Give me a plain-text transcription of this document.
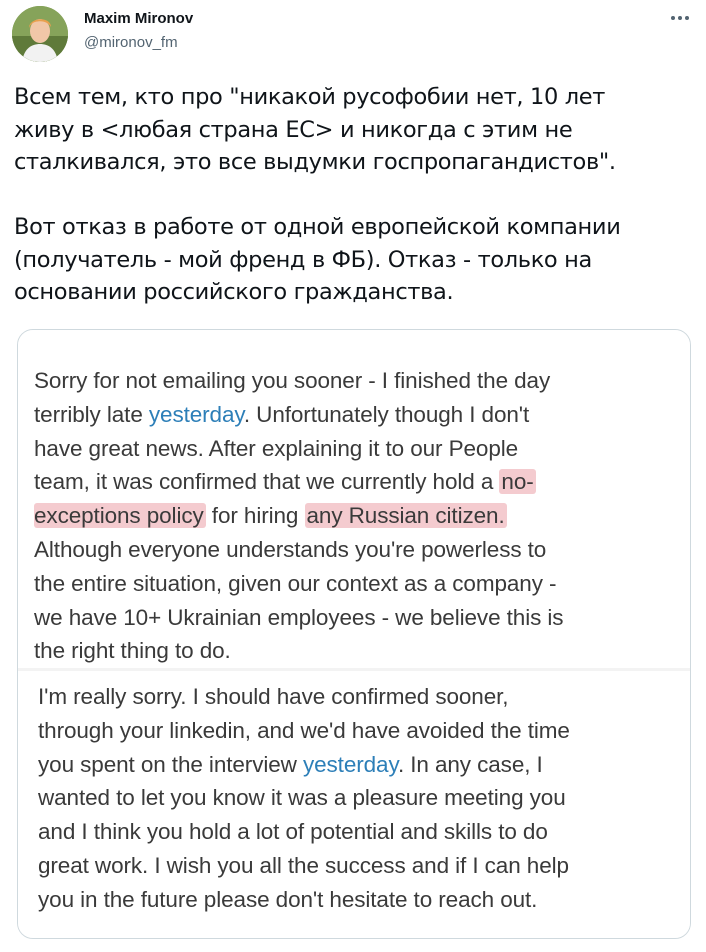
Maxim Mironov
@mironov_fm

Всем тем, кто про "никакой русофобии нет, 10 лет

живу в <любая страна ЕС> и никогда с этим не

сталкивался, это все выдумки госпропагандистов".

Вот отказ в работе от одной европейской компании

(получатель - мой френд в ФБ). Отказ - только на

основании российского гражданства.

Sorry for not emailing you sooner - I finished the day
terribly late yesterday. Unfortunately though I don't
have great news. After explaining it to our People
team, it was confirmed that we currently hold a no-
exceptions policy for hiring any Russian citizen.
Although everyone understands you're powerless to
the entire situation, given our context as a company -
we have 10+ Ukrainian employees - we believe this is
the right thing to do.
I'm really sorry. I should have confirmed sooner,
through your linkedin, and we'd have avoided the time
you spent on the interview yesterday. In any case, I
wanted to let you know it was a pleasure meeting you
and I think you hold a lot of potential and skills to do
great work. I wish you all the success and if I can help
you in the future please don't hesitate to reach out.
